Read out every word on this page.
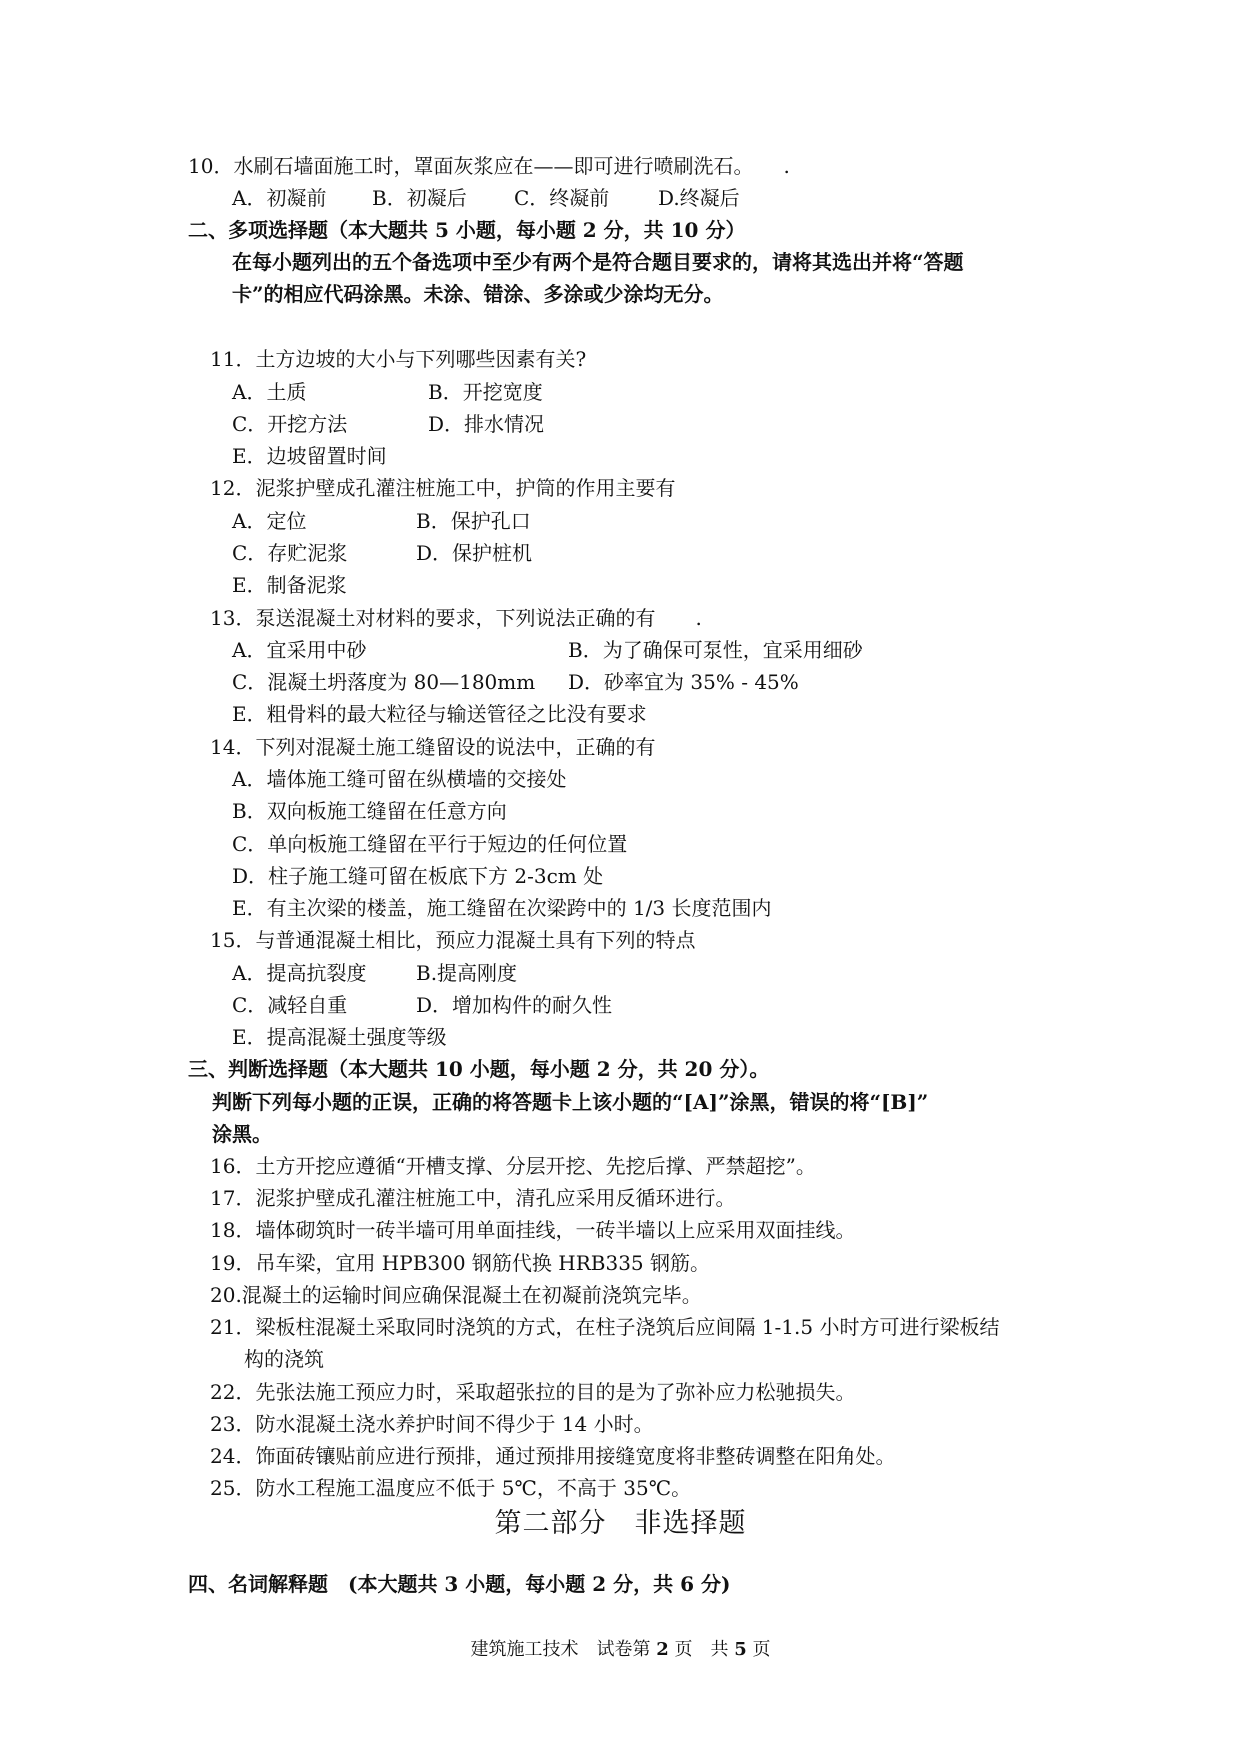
10．水刷石墙面施工时，罩面灰浆应在——即可进行喷刷洗石。　　.
A．初凝前 B．初凝后 C．终凝前 D.终凝后
二、多项选择题（本大题共 5 小题，每小题 2 分，共 10 分）
在每小题列出的五个备选项中至少有两个是符合题目要求的，请将其选出并将“答题
卡”的相应代码涂黑。未涂、错涂、多涂或少涂均无分。
11．土方边坡的大小与下列哪些因素有关?
A．土质	B．开挖宽度
C．开挖方法	D．排水情况
E．边坡留置时间
12．泥浆护壁成孔灌注桩施工中，护筒的作用主要有
A．定位	B．保护孔口
C．存贮泥浆	D．保护桩机
E．制备泥浆
13．泵送混凝土对材料的要求，下列说法正确的有　　.
A．宜采用中砂	B．为了确保可泵性，宜采用细砂
C．混凝土坍落度为 80—180mm D．砂率宜为 35% - 45%
E．粗骨料的最大粒径与输送管径之比没有要求
14．下列对混凝土施工缝留设的说法中，正确的有
A．墙体施工缝可留在纵横墙的交接处
B．双向板施工缝留在任意方向
C．单向板施工缝留在平行于短边的任何位置
D．柱子施工缝可留在板底下方 2-3cm 处
E．有主次梁的楼盖，施工缝留在次梁跨中的 1/3 长度范围内
15．与普通混凝土相比，预应力混凝土具有下列的特点
A．提高抗裂度 B.提高刚度
C．减轻自重	D．增加构件的耐久性
E．提高混凝土强度等级
三、判断选择题（本大题共 10 小题，每小题 2 分，共 20 分）。
判断下列每小题的正误，正确的将答题卡上该小题的“[A]”涂黑，错误的将“[B]”
涂黑。
16．土方开挖应遵循“开槽支撑、分层开挖、先挖后撑、严禁超挖”。
17．泥浆护壁成孔灌注桩施工中，清孔应采用反循环进行。
18．墙体砌筑时一砖半墙可用单面挂线，一砖半墙以上应采用双面挂线。
19．吊车梁，宜用 HPB300 钢筋代换 HRB335 钢筋。
20.混凝土的运输时间应确保混凝土在初凝前浇筑完毕。
21．梁板柱混凝土采取同时浇筑的方式，在柱子浇筑后应间隔 1-1.5 小时方可进行梁板结
构的浇筑
22．先张法施工预应力时，采取超张拉的目的是为了弥补应力松驰损失。
23．防水混凝土浇水养护时间不得少于 14 小时。
24．饰面砖镶贴前应进行预排，通过预排用接缝宽度将非整砖调整在阳角处。
25．防水工程施工温度应不低于 5℃，不高于 35℃。
第二部分　非选择题
四、名词解释题　(本大题共 3 小题，每小题 2 分，共 6 分)
建筑施工技术　试卷第 2 页　共 5 页
